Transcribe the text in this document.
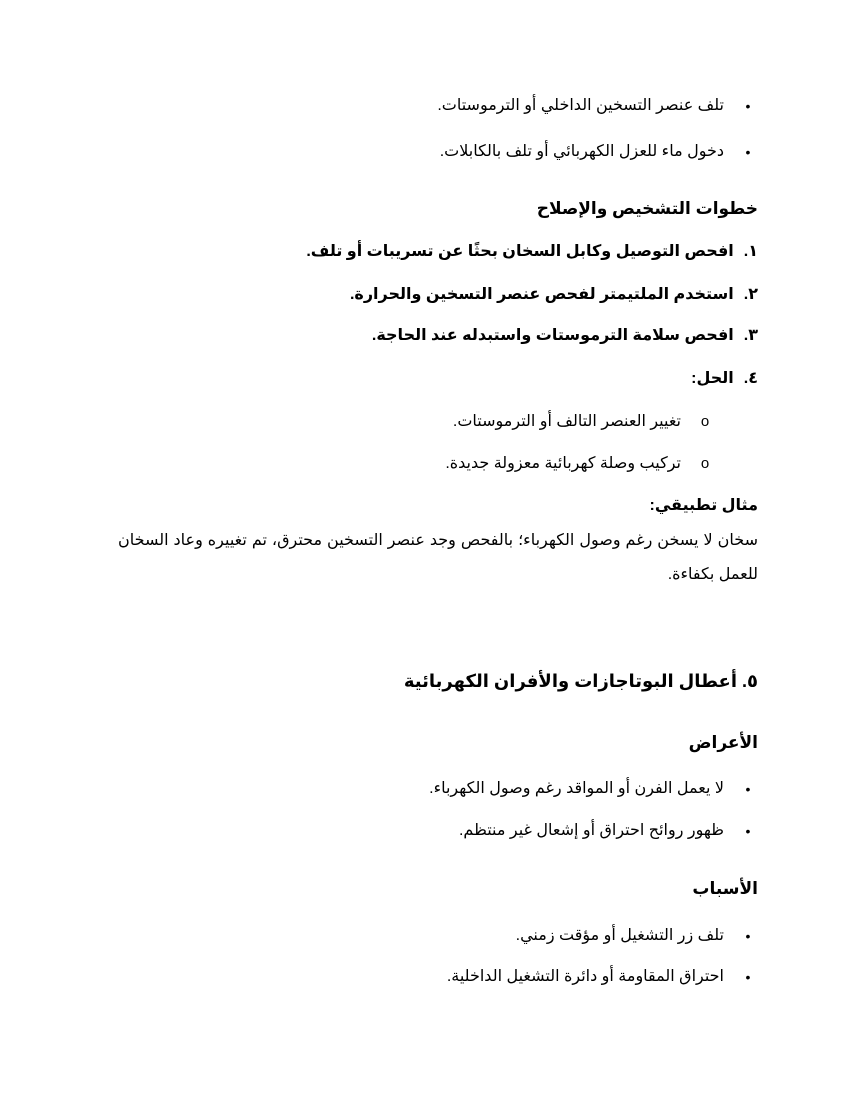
•
تلف عنصر التسخين الداخلي أو الترموستات.
•
دخول ماء للعزل الكهربائي أو تلف بالكابلات.
خطوات التشخيص والإصلاح
١.افحص التوصيل وكابل السخان بحثًا عن تسريبات أو تلف.
٢.استخدم الملتيمتر لفحص عنصر التسخين والحرارة.
٣.افحص سلامة الترموستات واستبدله عند الحاجة.
٤.الحل:
o
تغيير العنصر التالف أو الترموستات.
o
تركيب وصلة كهربائية معزولة جديدة.
مثال تطبيقي:
سخان لا يسخن رغم وصول الكهرباء؛ بالفحص وجد عنصر التسخين محترق، تم تغييره وعاد السخان للعمل بكفاءة.
٥. أعطال البوتاجازات والأفران الكهربائية
الأعراض
•
لا يعمل الفرن أو المواقد رغم وصول الكهرباء.
•
ظهور روائح احتراق أو إشعال غير منتظم.
الأسباب
•
تلف زر التشغيل أو مؤقت زمني.
•
احتراق المقاومة أو دائرة التشغيل الداخلية.
